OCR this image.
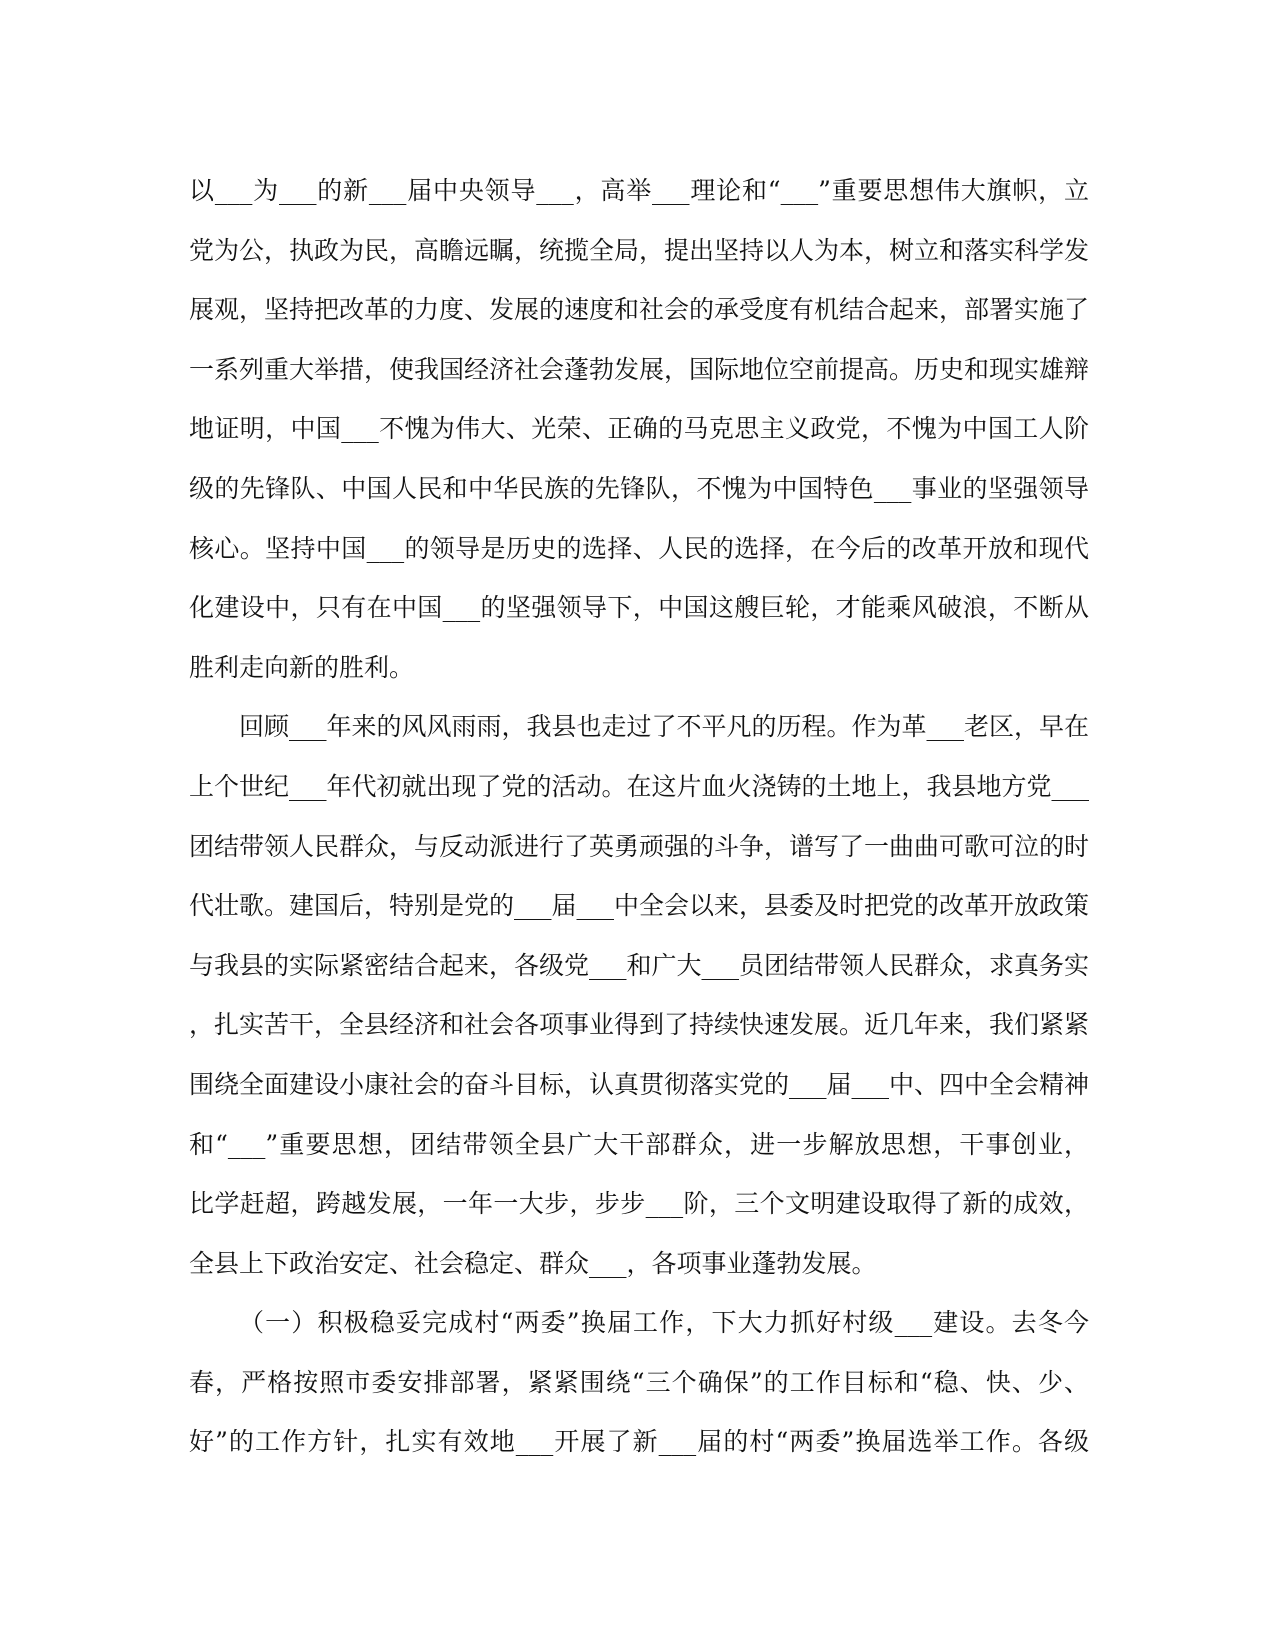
以___为___的新___届中央领导___，高举___理论和“___”重要思想伟大旗帜，立
党为公，执政为民，高瞻远瞩，统揽全局，提出坚持以人为本，树立和落实科学发
展观，坚持把改革的力度、发展的速度和社会的承受度有机结合起来，部署实施了
一系列重大举措，使我国经济社会蓬勃发展，国际地位空前提高。历史和现实雄辩
地证明，中国___不愧为伟大、光荣、正确的马克思主义政党，不愧为中国工人阶
级的先锋队、中国人民和中华民族的先锋队，不愧为中国特色___事业的坚强领导
核心。坚持中国___的领导是历史的选择、人民的选择，在今后的改革开放和现代
化建设中，只有在中国___的坚强领导下，中国这艘巨轮，才能乘风破浪，不断从
胜利走向新的胜利。
回顾___年来的风风雨雨，我县也走过了不平凡的历程。作为革___老区，早在
上个世纪___年代初就出现了党的活动。在这片血火浇铸的土地上，我县地方党___
团结带领人民群众，与反动派进行了英勇顽强的斗争，谱写了一曲曲可歌可泣的时
代壮歌。建国后，特别是党的___届___中全会以来，县委及时把党的改革开放政策
与我县的实际紧密结合起来，各级党___和广大___员团结带领人民群众，求真务实
，扎实苦干，全县经济和社会各项事业得到了持续快速发展。近几年来，我们紧紧
围绕全面建设小康社会的奋斗目标，认真贯彻落实党的___届___中、四中全会精神
和“___”重要思想，团结带领全县广大干部群众，进一步解放思想，干事创业，
比学赶超，跨越发展，一年一大步，步步___阶，三个文明建设取得了新的成效，
全县上下政治安定、社会稳定、群众___，各项事业蓬勃发展。
（一）积极稳妥完成村“两委”换届工作，下大力抓好村级___建设。去冬今
春，严格按照市委安排部署，紧紧围绕“三个确保”的工作目标和“稳、快、少、
好”的工作方针，扎实有效地___开展了新___届的村“两委”换届选举工作。各级
